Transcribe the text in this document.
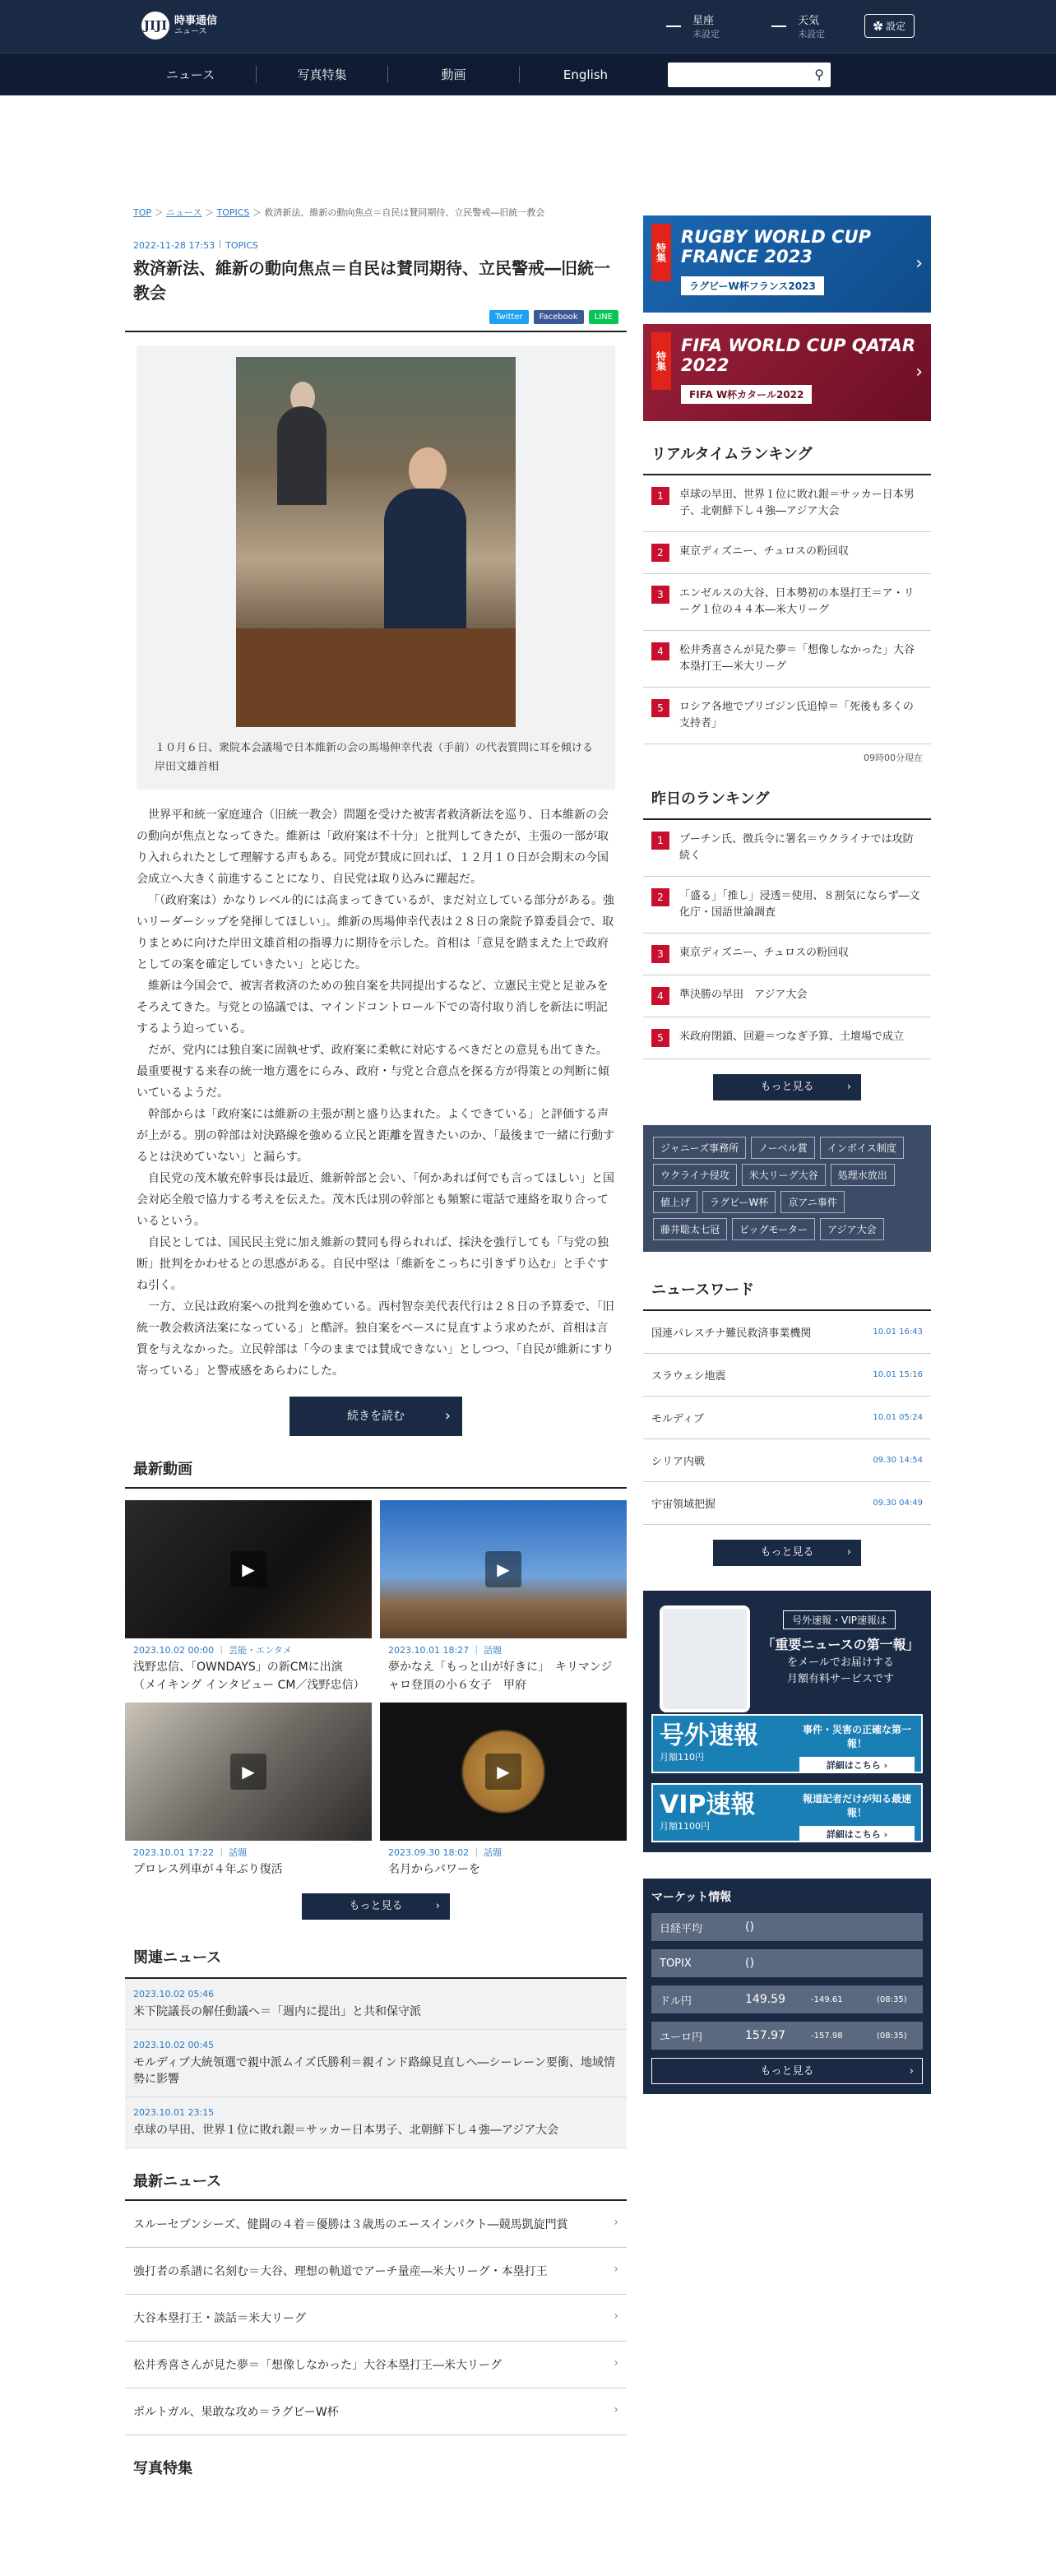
JIJI 時事通信
ニュース
星座
未設定
天気
未設定
✿ 設定
ニュース	写真特集	動画	English	⚲
TOP ＞ ニュース ＞ TOPICS ＞ 救済新法、維新の動向焦点＝自民は賛同期待、立民警戒―旧統一教会
2022-11-28 17:53 TOPICS
救済新法、維新の動向焦点＝自民は賛同期待、立民警戒―旧統一教会
Twitter	Facebook	LINE
１０月６日、衆院本会議場で日本維新の会の馬場伸幸代表（手前）の代表質問に耳を傾ける岸田文雄首相

世界平和統一家庭連合（旧統一教会）問題を受けた被害者救済新法を巡り、日本維新の会の動向が焦点となってきた。維新は「政府案は不十分」と批判してきたが、主張の一部が取り入れられたとして理解する声もある。同党が賛成に回れば、１２月１０日が会期末の今国会成立へ大きく前進することになり、自民党は取り込みに躍起だ。

「（政府案は）かなりレベル的には高まってきているが、まだ対立している部分がある。強いリーダーシップを発揮してほしい」。維新の馬場伸幸代表は２８日の衆院予算委員会で、取りまとめに向けた岸田文雄首相の指導力に期待を示した。首相は「意見を踏まえた上で政府としての案を確定していきたい」と応じた。

維新は今国会で、被害者救済のための独自案を共同提出するなど、立憲民主党と足並みをそろえてきた。与党との協議では、マインドコントロール下での寄付取り消しを新法に明記するよう迫っている。

だが、党内には独自案に固執せず、政府案に柔軟に対応するべきだとの意見も出てきた。最重要視する来春の統一地方選をにらみ、政府・与党と合意点を探る方が得策との判断に傾いているようだ。

幹部からは「政府案には維新の主張が割と盛り込まれた。よくできている」と評価する声が上がる。別の幹部は対決路線を強める立民と距離を置きたいのか、「最後まで一緒に行動するとは決めていない」と漏らす。

自民党の茂木敏充幹事長は最近、維新幹部と会い、「何かあれば何でも言ってほしい」と国会対応全般で協力する考えを伝えた。茂木氏は別の幹部とも頻繁に電話で連絡を取り合っているという。

自民としては、国民民主党に加え維新の賛同も得られれば、採決を強行しても「与党の独断」批判をかわせるとの思惑がある。自民中堅は「維新をこっちに引きずり込む」と手ぐすね引く。

一方、立民は政府案への批判を強めている。西村智奈美代表代行は２８日の予算委で、「旧統一教会救済法案になっている」と酷評。独自案をベースに見直すよう求めたが、首相は言質を与えなかった。立民幹部は「今のままでは賛成できない」としつつ、「自民が維新にすり寄っている」と警戒感をあらわにした。

続きを読む ›
最新動画
▶
2023.10.02 00:00 ｜ 芸能・エンタメ
浅野忠信、「OWNDAYS」の新CMに出演（メイキング インタビュー CM／浅野忠信）
▶
2023.10.01 18:27 ｜ 話題
夢かなえ「もっと山が好きに」　キリマンジャロ登頂の小６女子　甲府
▶
2023.10.01 17:22 ｜ 話題
プロレス列車が４年ぶり復活
▶
2023.09.30 18:02 ｜ 話題
名月からパワーを
もっと見る ›
関連ニュース
2023.10.02 05:46
米下院議長の解任動議へ＝「週内に提出」と共和保守派
2023.10.02 00:45
モルディブ大統領選で親中派ムイズ氏勝利＝親インド路線見直しへ―シーレーン要衝、地域情勢に影響
2023.10.01 23:15
卓球の早田、世界１位に敗れ銀＝サッカー日本男子、北朝鮮下し４強―アジア大会
最新ニュース
スルーセブンシーズ、健闘の４着＝優勝は３歳馬のエースインパクト―競馬凱旋門賞 ›
強打者の系譜に名刻む＝大谷、理想の軌道でアーチ量産―米大リーグ・本塁打王 ›
大谷本塁打王・談話＝米大リーグ ›
松井秀喜さんが見た夢＝「想像しなかった」大谷本塁打王―米大リーグ ›
ポルトガル、果敢な攻め＝ラグビーW杯 ›
写真特集
特集
RUGBY WORLD CUP FRANCE 2023
ラグビーW杯フランス2023
›
特集
FIFA WORLD CUP QATAR 2022
FIFA W杯カタール2022
›
リアルタイムランキング
1	卓球の早田、世界１位に敗れ銀＝サッカー日本男子、北朝鮮下し４強―アジア大会
2	東京ディズニー、チュロスの粉回収
3	エンゼルスの大谷、日本勢初の本塁打王＝ア・リーグ１位の４４本―米大リーグ
4	松井秀喜さんが見た夢＝「想像しなかった」大谷本塁打王―米大リーグ
5	ロシア各地でプリゴジン氏追悼＝「死後も多くの支持者」
09時00分現在
昨日のランキング
1	プーチン氏、徴兵令に署名＝ウクライナでは攻防続く
2	「盛る」「推し」浸透＝使用、８割気にならず―文化庁・国語世論調査
3	東京ディズニー、チュロスの粉回収
4	準決勝の早田　アジア大会
5	米政府閉鎖、回避＝つなぎ予算、土壇場で成立
もっと見る ›
ジャニーズ事務所	ノーベル賞	インボイス制度
ウクライナ侵攻	米大リーグ大谷	処理水放出
値上げ	ラグビーW杯	京アニ事件
藤井聡太七冠	ビッグモーター	アジア大会
ニュースワード
国連パレスチナ難民救済事業機関	10.01 16:43
スラウェシ地震	10.01 15:16
モルディブ	10.01 05:24
シリア内戦	09.30 14:54
宇宙領域把握	09.30 04:49
もっと見る ›
号外速報・VIP速報は
「重要ニュースの第一報」
をメールでお届けする
月額有料サービスです
号外速報
月額110円
事件・災害の正確な第一報！
詳細はこちら ›
VIP速報
月額1100円
報道記者だけが知る最速報！
詳細はこちら ›
マーケット情報
日経平均	()
TOPIX	()
ドル円	149.59	-149.61	(08:35)
ユーロ円	157.97	-157.98	(08:35)
もっと見る ›
